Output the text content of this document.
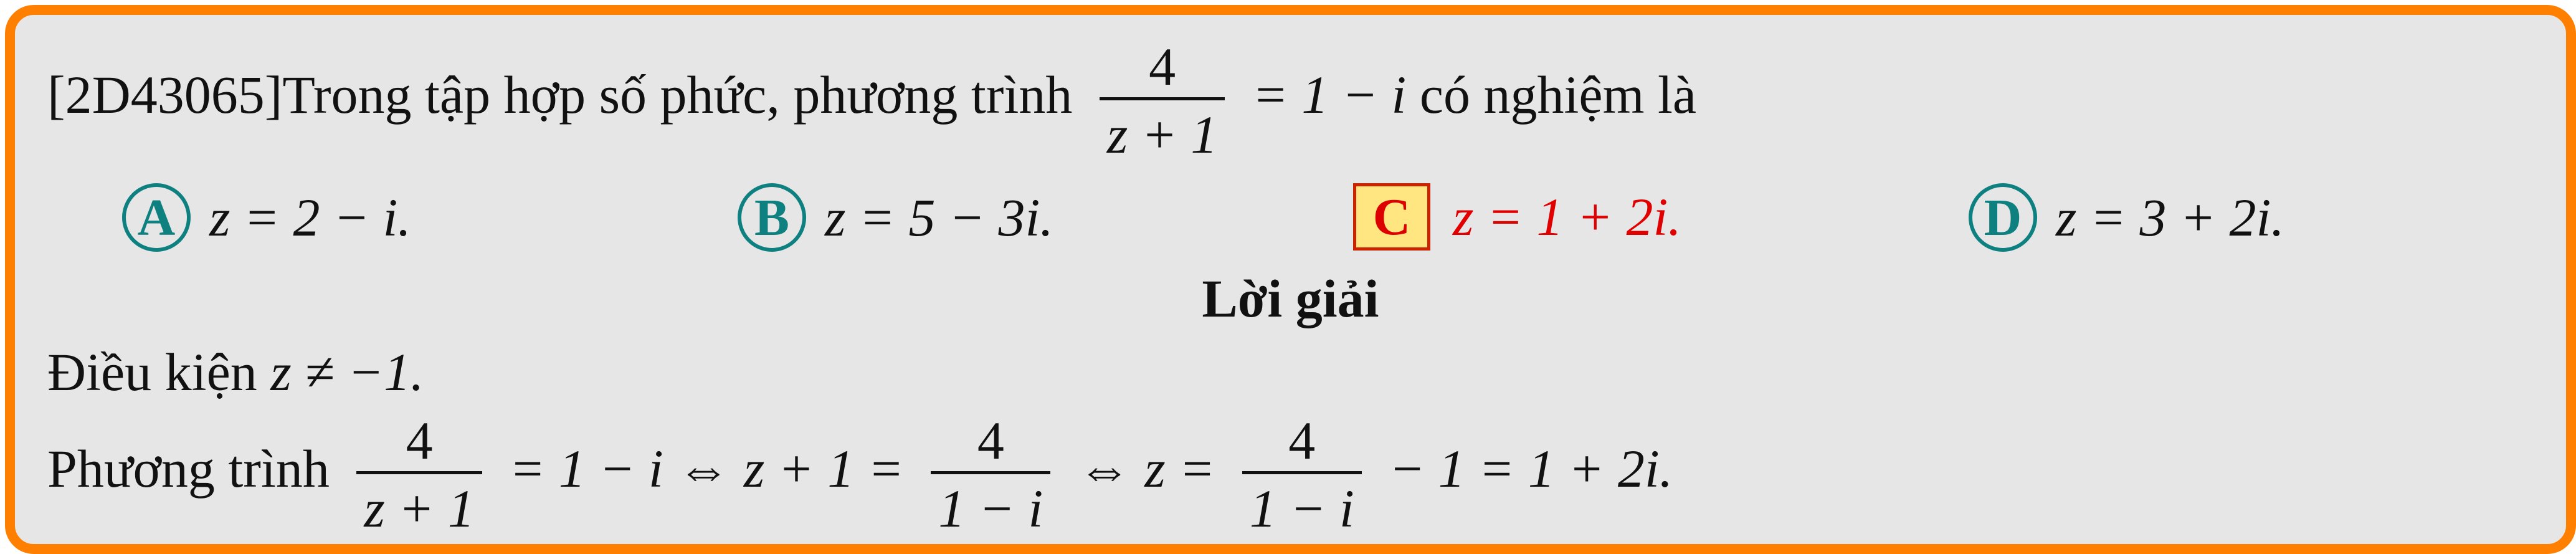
[2D43065]Trong tập hợp số phức, phương trình $\frac{4}{z + 1} = 1 - i$ có nghiệm là
A z = 2 − i.	B z = 5 − 3i.	C z = 1 + 2i.	D z = 3 + 2i.
Lời giải
Điều kiện z ≠ −1.
Phương trình $\frac{4}{z + 1} = 1 - i$ ⇔ $z + 1 = \frac{4}{1 - i}$ ⇔ $z = \frac{4}{1 - i} - 1 = 1 + 2i$.
